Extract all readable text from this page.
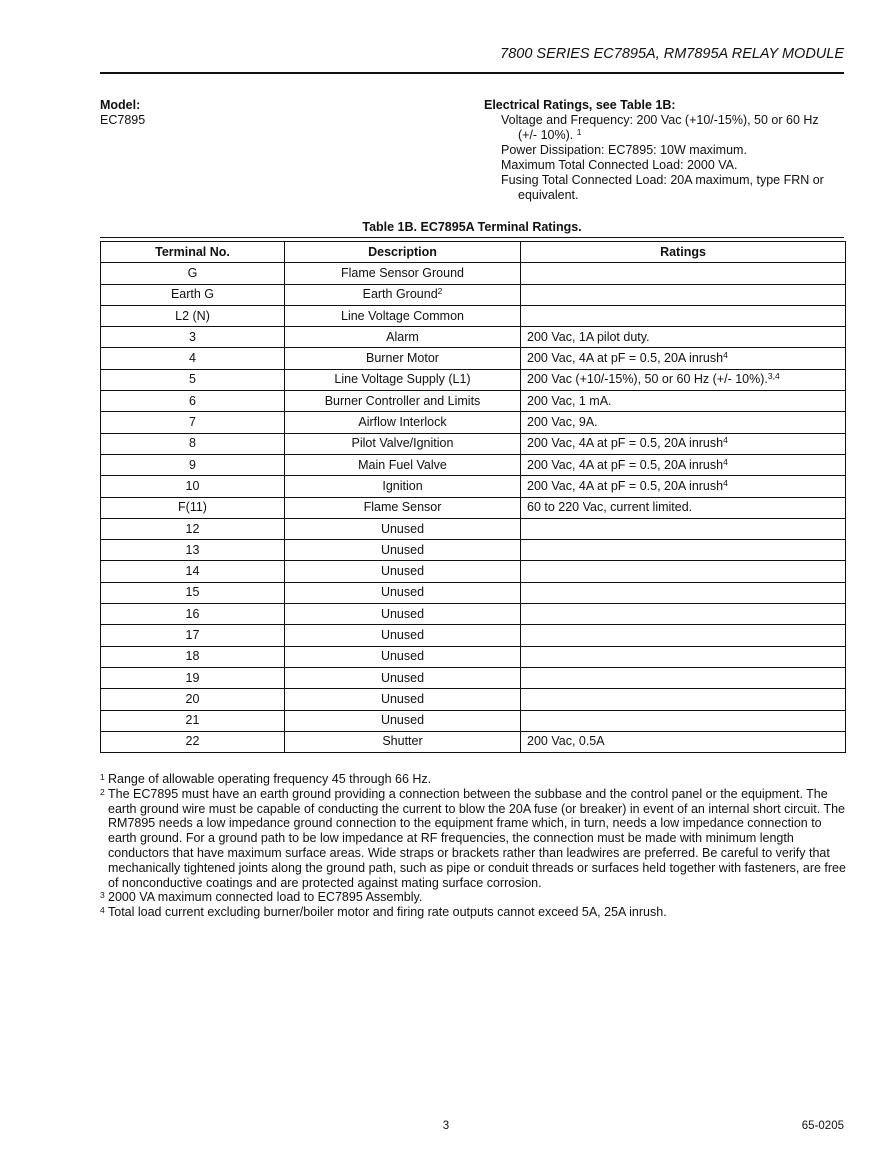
7800 SERIES EC7895A, RM7895A RELAY MODULE
Model:
EC7895
Electrical Ratings, see Table 1B:
Voltage and Frequency: 200 Vac (+10/-15%), 50 or 60 Hz
(+/- 10%). $^1$
Power Dissipation: EC7895: 10W maximum.
Maximum Total Connected Load: 2000 VA.
Fusing Total Connected Load: 20A maximum, type FRN or
equivalent.
Table 1B. EC7895A Terminal Ratings.
Terminal No.	Description	Ratings
G	Flame Sensor Ground	
Earth G	Earth Ground$^2$	
L2 (N)	Line Voltage Common	
3	Alarm	200 Vac, 1A pilot duty.
4	Burner Motor	200 Vac, 4A at pF = 0.5, 20A inrush$^4$
5	Line Voltage Supply (L1)	200 Vac (+10/-15%), 50 or 60 Hz (+/- 10%).$^{3,4}$
6	Burner Controller and Limits	200 Vac, 1 mA.
7	Airflow Interlock	200 Vac, 9A.
8	Pilot Valve/Ignition	200 Vac, 4A at pF = 0.5, 20A inrush$^4$
9	Main Fuel Valve	200 Vac, 4A at pF = 0.5, 20A inrush$^4$
10	Ignition	200 Vac, 4A at pF = 0.5, 20A inrush$^4$
F(11)	Flame Sensor	60 to 220 Vac, current limited.
12	Unused	
13	Unused	
14	Unused	
15	Unused	
16	Unused	
17	Unused	
18	Unused	
19	Unused	
20	Unused	
21	Unused	
22	Shutter	200 Vac, 0.5A
1 Range of allowable operating frequency 45 through 66 Hz.
2 The EC7895 must have an earth ground providing a connection between the subbase and the control panel or the equipment. The earth ground wire must be capable of conducting the current to blow the 20A fuse (or breaker) in event of an internal short circuit. The RM7895 needs a low impedance ground connection to the equipment frame which, in turn, needs a low impedance connection to earth ground. For a ground path to be low impedance at RF frequencies, the connection must be made with minimum length conductors that have maximum surface areas. Wide straps or brackets rather than leadwires are preferred. Be careful to verify that mechanically tightened joints along the ground path, such as pipe or conduit threads or surfaces held together with fasteners, are free of nonconductive coatings and are protected against mating surface corrosion.
3 2000 VA maximum connected load to EC7895 Assembly.
4 Total load current excluding burner/boiler motor and firing rate outputs cannot exceed 5A, 25A inrush.
3	65-0205
